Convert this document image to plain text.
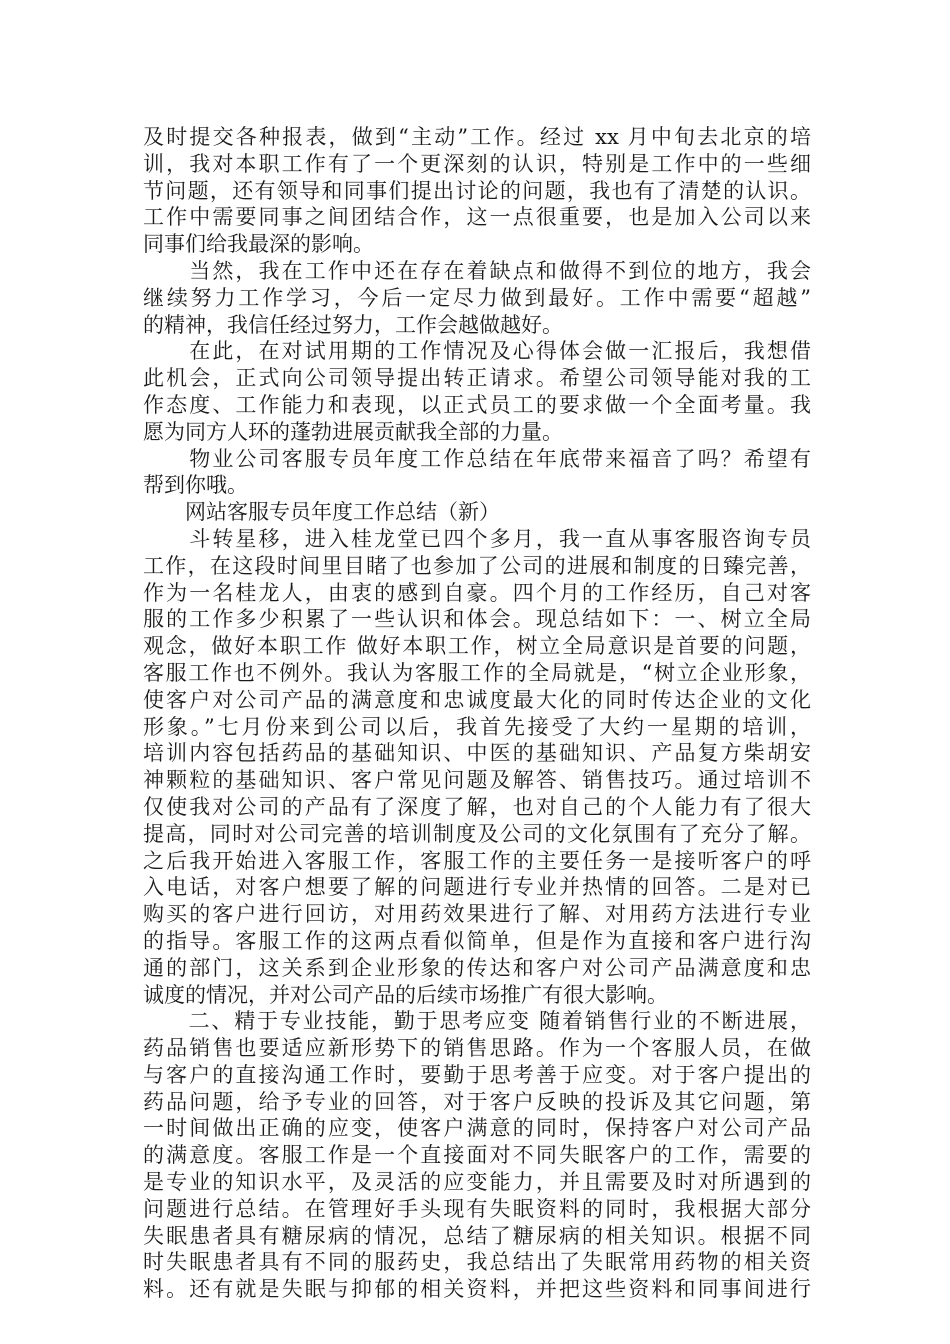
及时提交各种报表，做到“主动”工作。经过 xx 月中旬去北京的培
训，我对本职工作有了一个更深刻的认识，特别是工作中的一些细
节问题，还有领导和同事们提出讨论的问题，我也有了清楚的认识。
工作中需要同事之间团结合作，这一点很重要，也是加入公司以来
同事们给我最深的影响。
　　当然，我在工作中还在存在着缺点和做得不到位的地方，我会
继续努力工作学习，今后一定尽力做到最好。工作中需要“超越”
的精神，我信任经过努力，工作会越做越好。
　　在此，在对试用期的工作情况及心得体会做一汇报后，我想借
此机会，正式向公司领导提出转正请求。希望公司领导能对我的工
作态度、工作能力和表现，以正式员工的要求做一个全面考量。我
愿为同方人环的蓬勃进展贡献我全部的力量。
　　物业公司客服专员年度工作总结在年底带来福音了吗？希望有
帮到你哦。
　　网站客服专员年度工作总结（新）
　　斗转星移，进入桂龙堂已四个多月，我一直从事客服咨询专员
工作，在这段时间里目睹了也参加了公司的进展和制度的日臻完善，
作为一名桂龙人，由衷的感到自豪。四个月的工作经历，自己对客
服的工作多少积累了一些认识和体会。现总结如下：一、树立全局
观念，做好本职工作 做好本职工作，树立全局意识是首要的问题，
客服工作也不例外。我认为客服工作的全局就是，“树立企业形象，
使客户对公司产品的满意度和忠诚度最大化的同时传达企业的文化
形象。”七月份来到公司以后，我首先接受了大约一星期的培训，
培训内容包括药品的基础知识、中医的基础知识、产品复方柴胡安
神颗粒的基础知识、客户常见问题及解答、销售技巧。通过培训不
仅使我对公司的产品有了深度了解，也对自己的个人能力有了很大
提高，同时对公司完善的培训制度及公司的文化氛围有了充分了解。
之后我开始进入客服工作，客服工作的主要任务一是接听客户的呼
入电话，对客户想要了解的问题进行专业并热情的回答。二是对已
购买的客户进行回访，对用药效果进行了解、对用药方法进行专业
的指导。客服工作的这两点看似简单，但是作为直接和客户进行沟
通的部门，这关系到企业形象的传达和客户对公司产品满意度和忠
诚度的情况，并对公司产品的后续市场推广有很大影响。
　　二、精于专业技能，勤于思考应变 随着销售行业的不断进展，
药品销售也要适应新形势下的销售思路。作为一个客服人员，在做
与客户的直接沟通工作时，要勤于思考善于应变。对于客户提出的
药品问题，给予专业的回答，对于客户反映的投诉及其它问题，第
一时间做出正确的应变，使客户满意的同时，保持客户对公司产品
的满意度。客服工作是一个直接面对不同失眠客户的工作，需要的
是专业的知识水平，及灵活的应变能力，并且需要及时对所遇到的
问题进行总结。在管理好手头现有失眠资料的同时，我根据大部分
失眠患者具有糖尿病的情况，总结了糖尿病的相关知识。根据不同
时失眠患者具有不同的服药史，我总结出了失眠常用药物的相关资
料。还有就是失眠与抑郁的相关资料，并把这些资料和同事间进行
